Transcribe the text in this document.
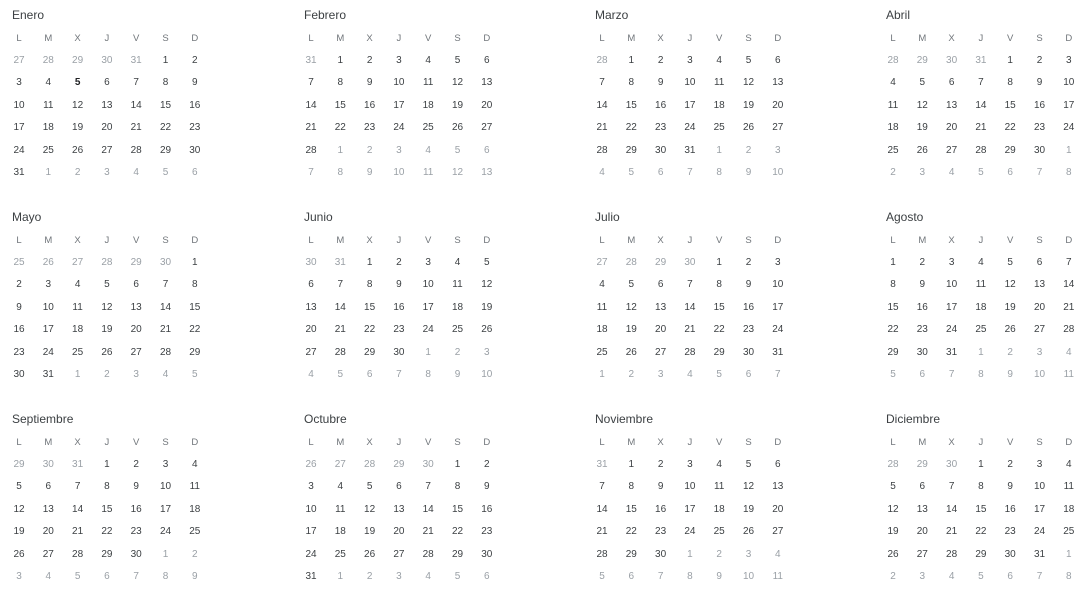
Enero
L	M	X	J	V	S	D
27	28	29	30	31	1	2
3	4	5	6	7	8	9
10	11	12	13	14	15	16
17	18	19	20	21	22	23
24	25	26	27	28	29	30
31	1	2	3	4	5	6
Febrero
L	M	X	J	V	S	D
31	1	2	3	4	5	6
7	8	9	10	11	12	13
14	15	16	17	18	19	20
21	22	23	24	25	26	27
28	1	2	3	4	5	6
7	8	9	10	11	12	13
Marzo
L	M	X	J	V	S	D
28	1	2	3	4	5	6
7	8	9	10	11	12	13
14	15	16	17	18	19	20
21	22	23	24	25	26	27
28	29	30	31	1	2	3
4	5	6	7	8	9	10
Abril
L	M	X	J	V	S	D
28	29	30	31	1	2	3
4	5	6	7	8	9	10
11	12	13	14	15	16	17
18	19	20	21	22	23	24
25	26	27	28	29	30	1
2	3	4	5	6	7	8
Mayo
L	M	X	J	V	S	D
25	26	27	28	29	30	1
2	3	4	5	6	7	8
9	10	11	12	13	14	15
16	17	18	19	20	21	22
23	24	25	26	27	28	29
30	31	1	2	3	4	5
Junio
L	M	X	J	V	S	D
30	31	1	2	3	4	5
6	7	8	9	10	11	12
13	14	15	16	17	18	19
20	21	22	23	24	25	26
27	28	29	30	1	2	3
4	5	6	7	8	9	10
Julio
L	M	X	J	V	S	D
27	28	29	30	1	2	3
4	5	6	7	8	9	10
11	12	13	14	15	16	17
18	19	20	21	22	23	24
25	26	27	28	29	30	31
1	2	3	4	5	6	7
Agosto
L	M	X	J	V	S	D
1	2	3	4	5	6	7
8	9	10	11	12	13	14
15	16	17	18	19	20	21
22	23	24	25	26	27	28
29	30	31	1	2	3	4
5	6	7	8	9	10	11
Septiembre
L	M	X	J	V	S	D
29	30	31	1	2	3	4
5	6	7	8	9	10	11
12	13	14	15	16	17	18
19	20	21	22	23	24	25
26	27	28	29	30	1	2
3	4	5	6	7	8	9
Octubre
L	M	X	J	V	S	D
26	27	28	29	30	1	2
3	4	5	6	7	8	9
10	11	12	13	14	15	16
17	18	19	20	21	22	23
24	25	26	27	28	29	30
31	1	2	3	4	5	6
Noviembre
L	M	X	J	V	S	D
31	1	2	3	4	5	6
7	8	9	10	11	12	13
14	15	16	17	18	19	20
21	22	23	24	25	26	27
28	29	30	1	2	3	4
5	6	7	8	9	10	11
Diciembre
L	M	X	J	V	S	D
28	29	30	1	2	3	4
5	6	7	8	9	10	11
12	13	14	15	16	17	18
19	20	21	22	23	24	25
26	27	28	29	30	31	1
2	3	4	5	6	7	8
